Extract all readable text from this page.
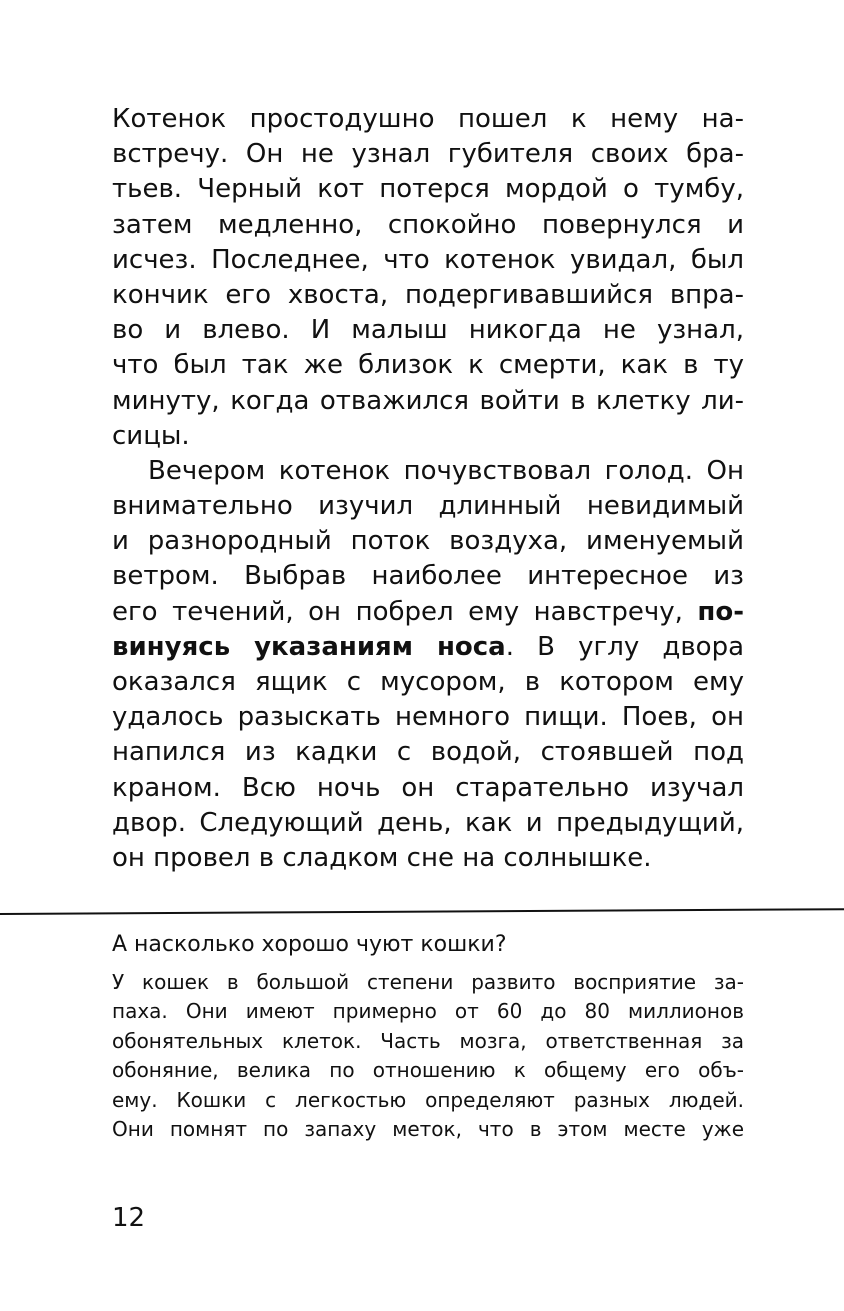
Котенок простодушно пошел к нему на-
встречу. Он не узнал губителя своих бра-
тьев. Черный кот потерся мордой о тумбу,
затем медленно, спокойно повернулся и
исчез. Последнее, что котенок увидал, был
кончик его хвоста, подергивавшийся впра-
во и влево. И малыш никогда не узнал,
что был так же близок к смерти, как в ту
минуту, когда отважился войти в клетку ли-
сицы.
Вечером котенок почувствовал голод. Он
внимательно изучил длинный невидимый
и разнородный поток воздуха, именуемый
ветром. Выбрав наиболее интересное из
его течений, он побрел ему навстречу, по-
винуясь указаниям носа. В углу двора
оказался ящик с мусором, в котором ему
удалось разыскать немного пищи. Поев, он
напился из кадки с водой, стоявшей под
краном. Всю ночь он старательно изучал
двор. Следующий день, как и предыдущий,
он провел в сладком сне на солнышке.
А насколько хорошо чуют кошки?
У кошек в большой степени развито восприятие за-
паха. Они имеют примерно от 60 до 80 миллионов
обонятельных клеток. Часть мозга, ответственная за
обоняние, велика по отношению к общему его объ-
ему. Кошки с легкостью определяют разных людей.
Они помнят по запаху меток, что в этом месте уже
12
